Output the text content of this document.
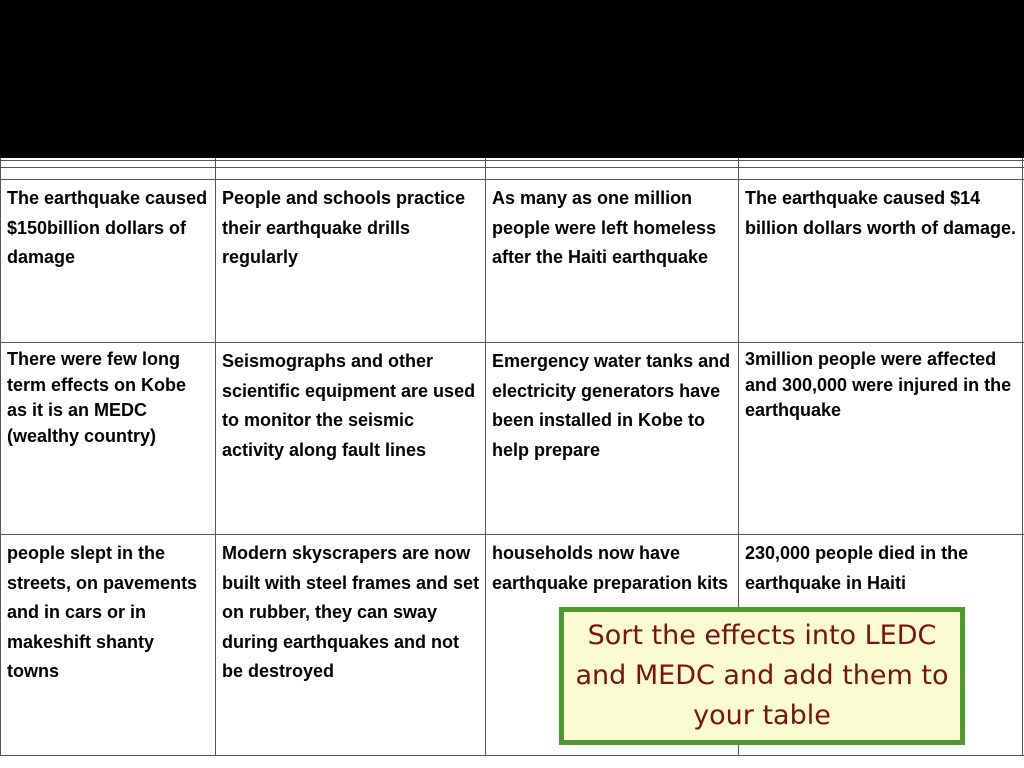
The earthquake caused $150billion dollars of damage
People and schools practice their earthquake drills regularly
As many as one million people were left homeless after the Haiti earthquake
The earthquake caused $14 billion dollars worth of damage.
There were few long term effects on Kobe as it is an MEDC (wealthy country)
Seismographs and other scientific equipment are used to monitor the seismic activity along fault lines
Emergency water tanks and electricity generators have been installed in Kobe to help prepare
3million people were affected and 300,000 were injured in the earthquake
people slept in the streets, on pavements and in cars or in makeshift shanty towns
Modern skyscrapers are now built with steel frames and set on rubber, they can sway during earthquakes and not be destroyed
households now have earthquake preparation kits
230,000 people died in the earthquake in Haiti
Sort the effects into LEDC and MEDC and add them to your table
